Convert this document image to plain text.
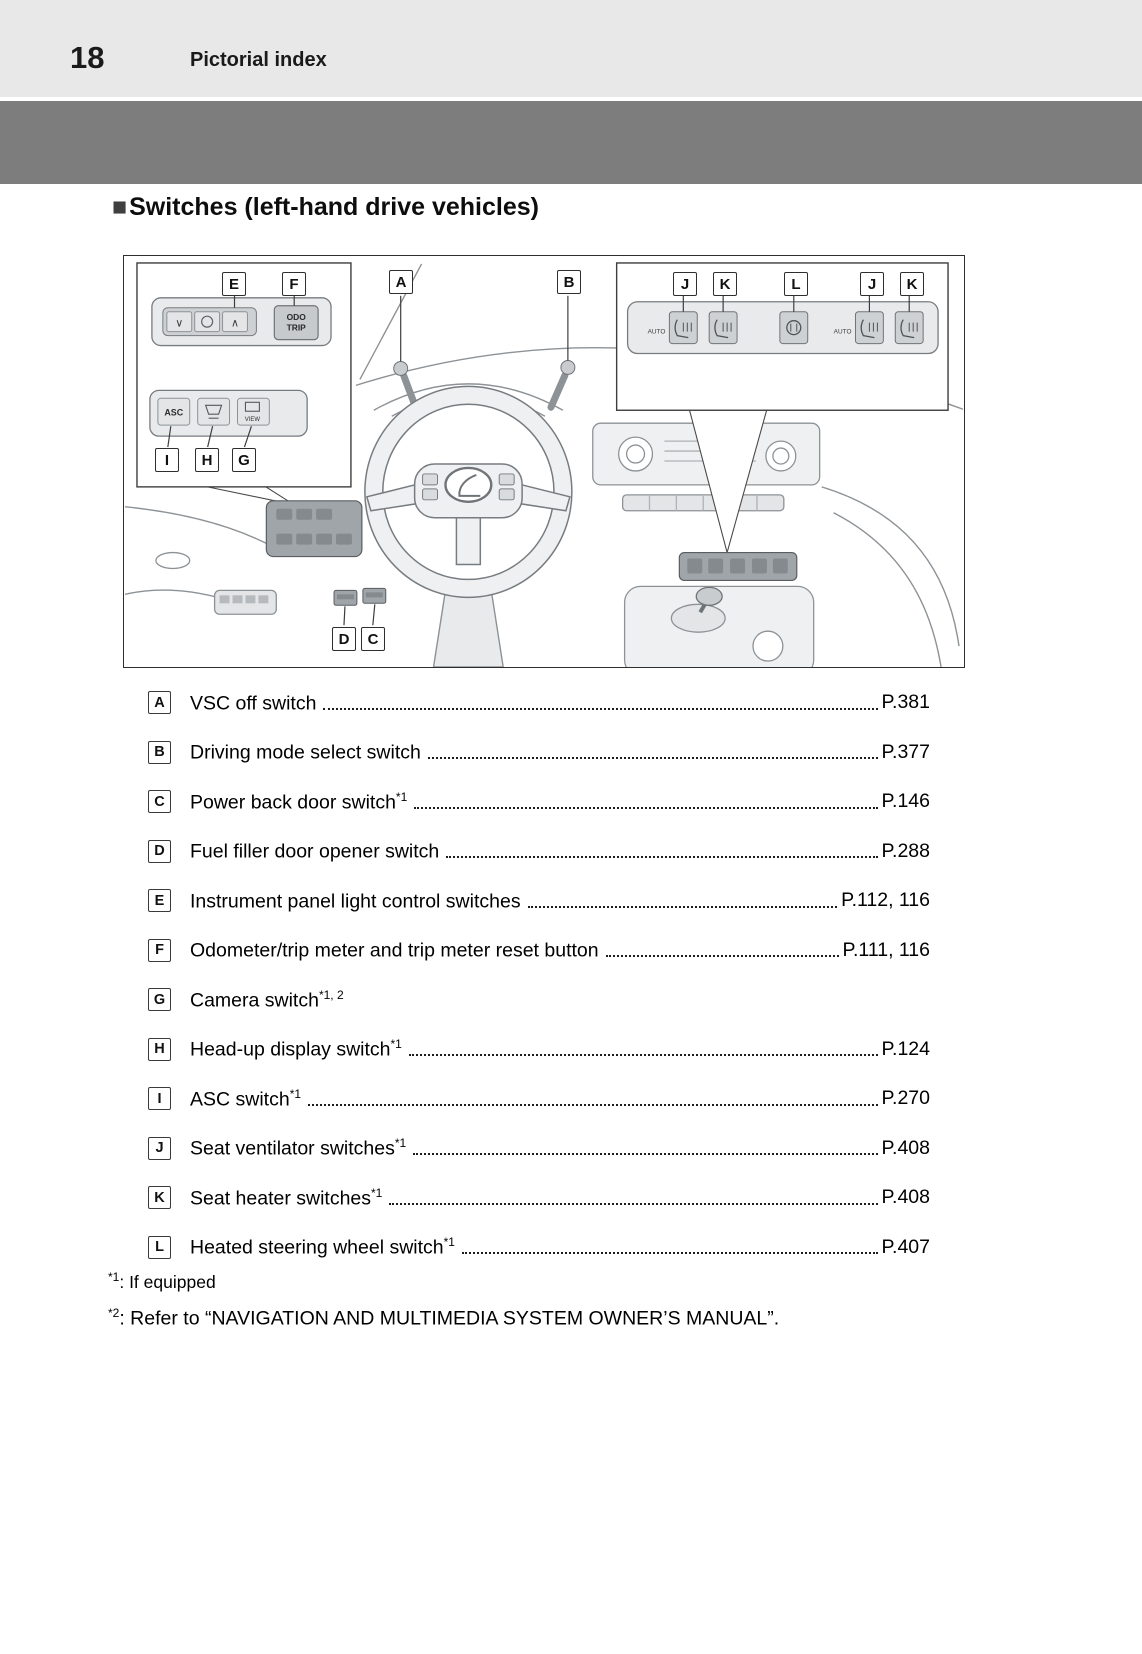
18	Pictorial index
■Switches (left-hand drive vehicles)
∨	∧
ODO
TRIP
ASC
VIEW
AUTO	AUTO
E	F	A	B	J	K	L	J	K
I	H	G
D	C
A	VSC off switch	P.381
B	Driving mode select switch	P.377
C	Power back door switch$^{*1}$	P.146
D	Fuel filler door opener switch	P.288
E	Instrument panel light control switches	P.112, 116
F	Odometer/trip meter and trip meter reset button	P.111, 116
G	Camera switch$^{*1, 2}$
H	Head-up display switch$^{*1}$	P.124
I	ASC switch$^{*1}$	P.270
J	Seat ventilator switches$^{*1}$	P.408
K	Seat heater switches$^{*1}$	P.408
L	Heated steering wheel switch$^{*1}$	P.407

$^{*1}$: If equipped

$^{*2}$: Refer to “NAVIGATION AND MULTIMEDIA SYSTEM OWNER’S MANUAL”.
